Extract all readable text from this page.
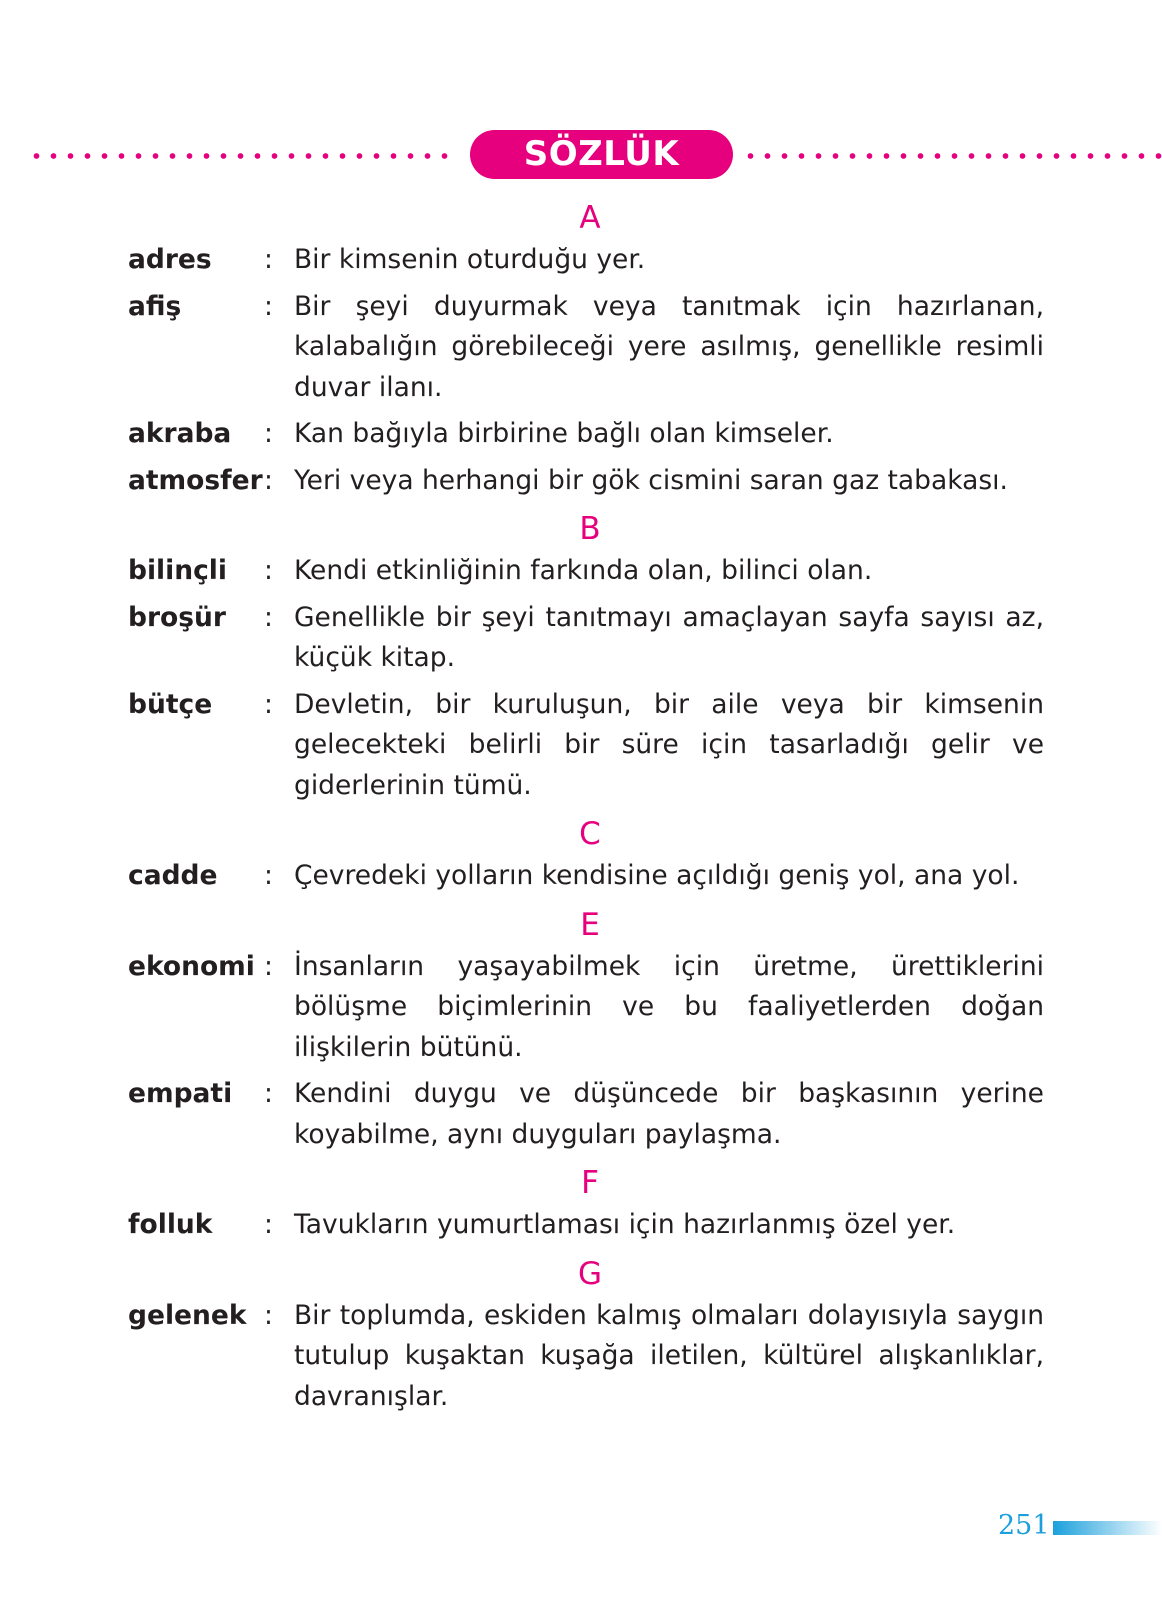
SÖZLÜK
A
adres	: Bir kimsenin oturduğu yer.
afiş	: Bir şeyi duyurmak veya tanıtmak için hazırlanan, kalabalığın görebileceği yere asılmış, genellikle resimli duvar ilanı.
akraba	: Kan bağıyla birbirine bağlı olan kimseler.
atmosfer : Yeri veya herhangi bir gök cismini saran gaz tabakası.
B
bilinçli	: Kendi etkinliğinin farkında olan, bilinci olan.
broşür	: Genellikle bir şeyi tanıtmayı amaçlayan sayfa sayısı az, küçük kitap.
bütçe	: Devletin, bir kuruluşun, bir aile veya bir kimsenin gelecekteki belirli bir süre için tasarladığı gelir ve giderlerinin tümü.
C
cadde	: Çevredeki yolların kendisine açıldığı geniş yol, ana yol.
E
ekonomi : İnsanların yaşayabilmek için üretme, ürettiklerini bölüşme biçimlerinin ve bu faaliyetlerden doğan ilişkilerin bütünü.
empati	: Kendini duygu ve düşüncede bir başkasının yerine koyabilme, aynı duyguları paylaşma.
F
folluk	: Tavukların yumurtlaması için hazırlanmış özel yer.
G
gelenek : Bir toplumda, eskiden kalmış olmaları dolayısıyla saygın tutulup kuşaktan kuşağa iletilen, kültürel alışkanlıklar, davranışlar.
251
